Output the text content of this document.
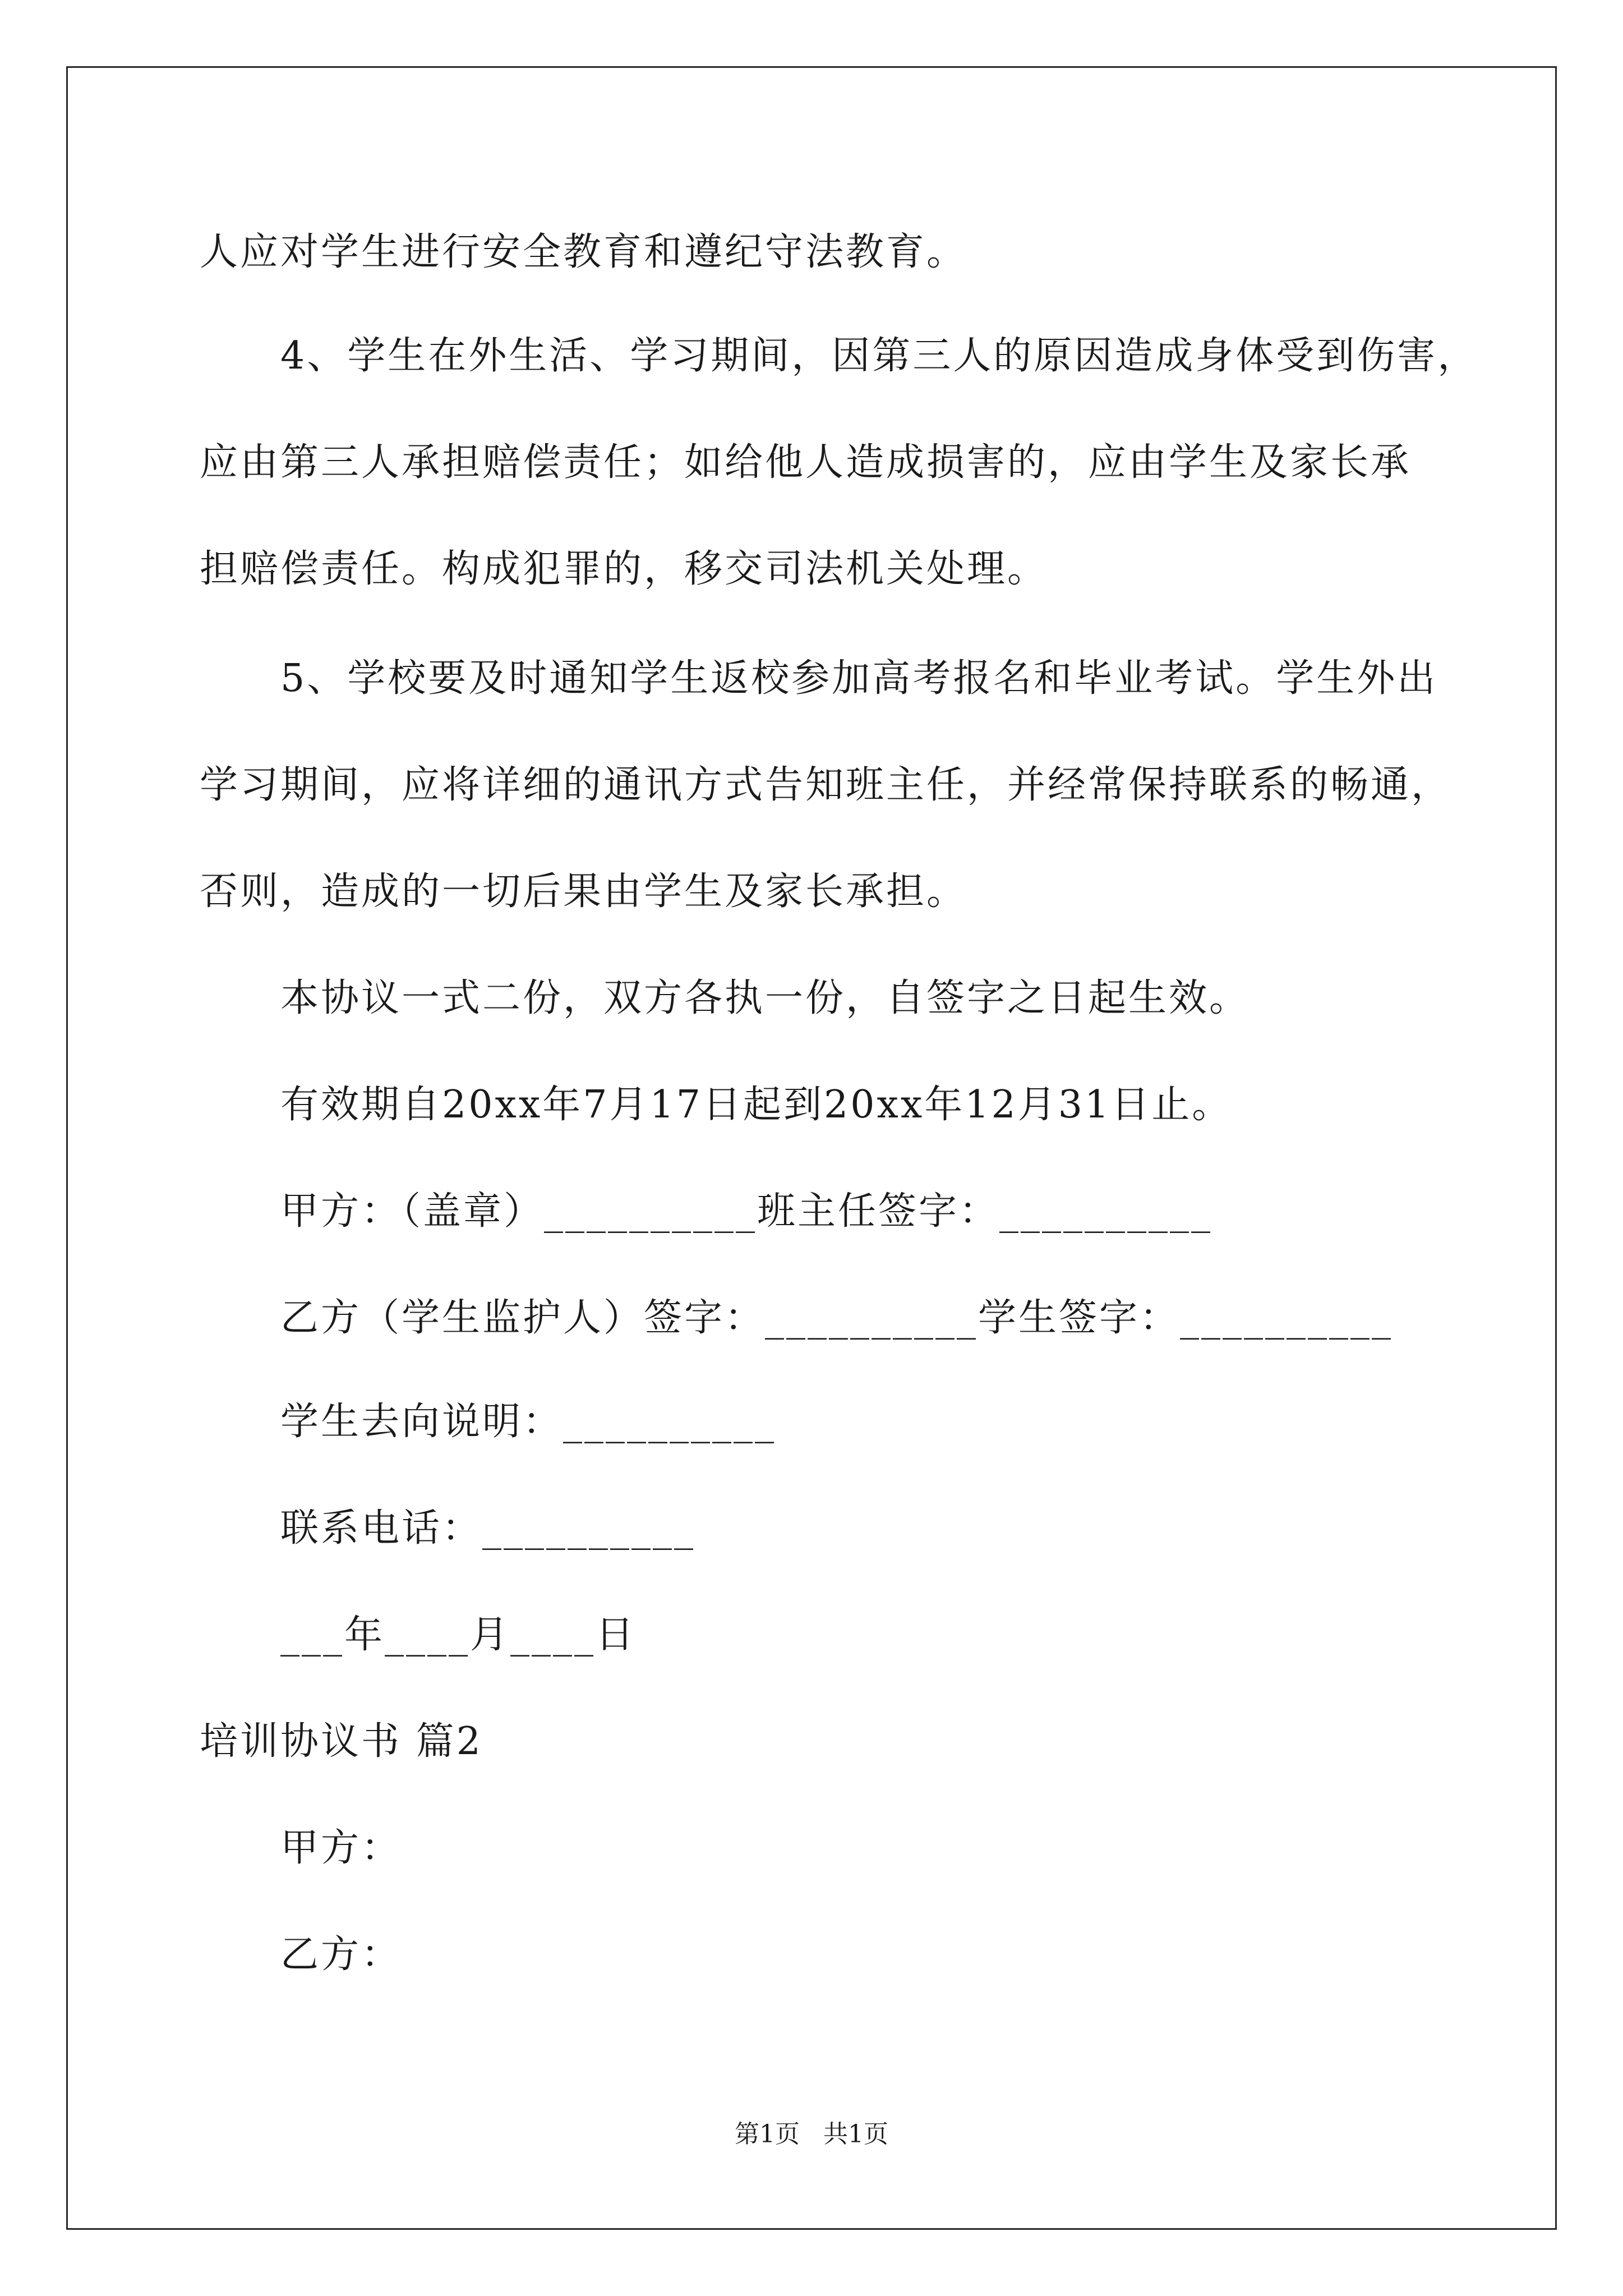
人应对学生进行安全教育和遵纪守法教育。
4、学生在外生活、学习期间，因第三人的原因造成身体受到伤害，
应由第三人承担赔偿责任；如给他人造成损害的，应由学生及家长承
担赔偿责任。构成犯罪的，移交司法机关处理。
5、学校要及时通知学生返校参加高考报名和毕业考试。学生外出
学习期间，应将详细的通讯方式告知班主任，并经常保持联系的畅通，
否则，造成的一切后果由学生及家长承担。
本协议一式二份，双方各执一份，自签字之日起生效。
有效期自20xx年7月17日起到20xx年12月31日止。
甲方：（盖章）__________班主任签字：__________
乙方（学生监护人）签字：__________学生签字：__________
学生去向说明：__________
联系电话：__________
___年____月____日
培训协议书 篇2
甲方：
乙方：
第1页   共1页
